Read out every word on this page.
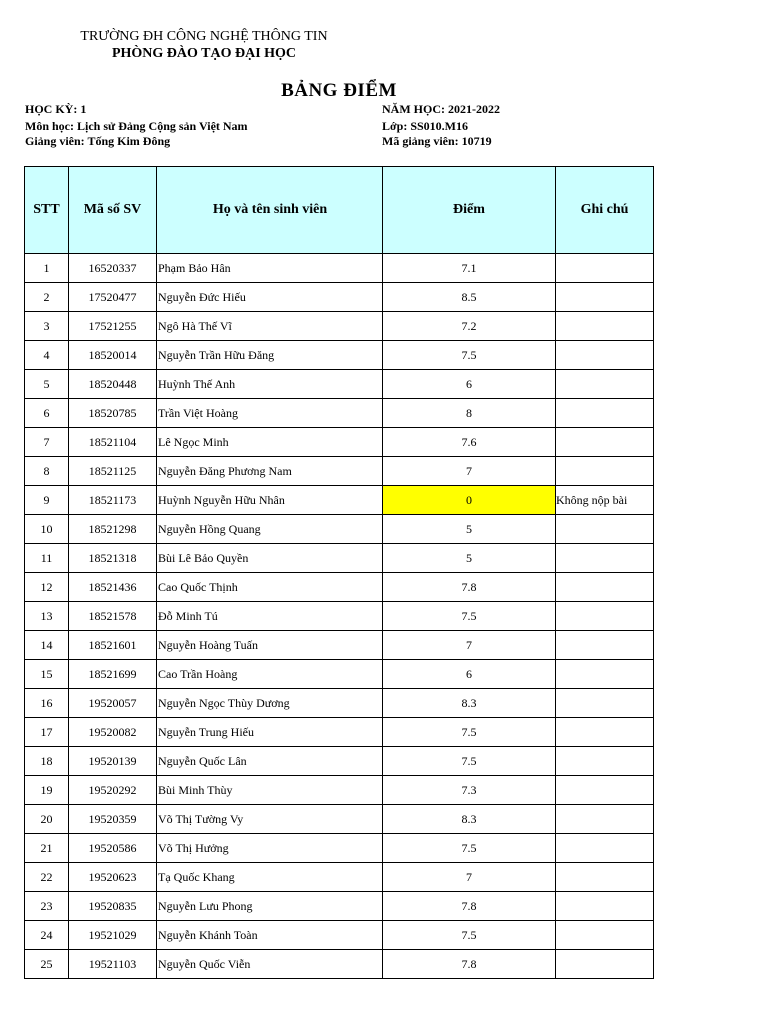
TRƯỜNG ĐH CÔNG NGHỆ THÔNG TIN
PHÒNG ĐÀO TẠO ĐẠI HỌC
BẢNG ĐIỂM
HỌC KỲ: 1
Môn học: Lịch sử Đảng Cộng sản Việt Nam
Giảng viên: Tống Kim Đông
NĂM HỌC: 2021-2022
Lớp: SS010.M16
Mã giảng viên: 10719
STT	Mã số SV	Họ và tên sinh viên	Điểm	Ghi chú
1	16520337	Phạm Bảo Hân	7.1	
2	17520477	Nguyễn Đức Hiếu	8.5	
3	17521255	Ngô Hà Thế Vĩ	7.2	
4	18520014	Nguyễn Trần Hữu Đăng	7.5	
5	18520448	Huỳnh Thế Anh	6	
6	18520785	Trần Việt Hoàng	8	
7	18521104	Lê Ngọc Minh	7.6	
8	18521125	Nguyễn Đăng Phương Nam	7	
9	18521173	Huỳnh Nguyễn Hữu Nhân	0	Không nộp bài
10	18521298	Nguyễn Hồng Quang	5	
11	18521318	Bùi Lê Bảo Quyền	5	
12	18521436	Cao Quốc Thịnh	7.8	
13	18521578	Đỗ Minh Tú	7.5	
14	18521601	Nguyễn Hoàng Tuấn	7	
15	18521699	Cao Trần Hoàng	6	
16	19520057	Nguyễn Ngọc Thùy Dương	8.3	
17	19520082	Nguyễn Trung Hiếu	7.5	
18	19520139	Nguyễn Quốc Lân	7.5	
19	19520292	Bùi Minh Thùy	7.3	
20	19520359	Võ Thị Tường Vy	8.3	
21	19520586	Võ Thị Hưởng	7.5	
22	19520623	Tạ Quốc Khang	7	
23	19520835	Nguyễn Lưu Phong	7.8	
24	19521029	Nguyễn Khánh Toàn	7.5	
25	19521103	Nguyễn Quốc Viễn	7.8	
